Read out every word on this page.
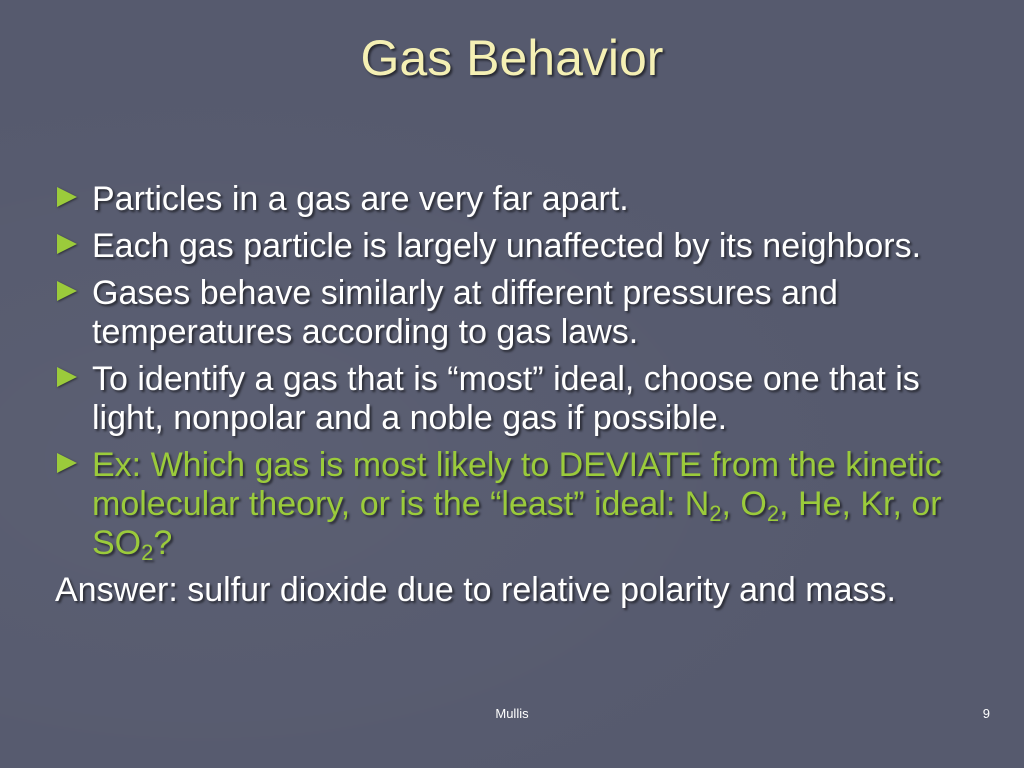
Gas Behavior
Particles in a gas are very far apart.
Each gas particle is largely unaffected by its neighbors.
Gases behave similarly at different pressures and temperatures according to gas laws.
To identify a gas that is “most” ideal, choose one that is light, nonpolar and a noble gas if possible.
Ex: Which gas is most likely to DEVIATE from the kinetic molecular theory, or is the “least” ideal: $N_2$, $O_2$, He, Kr, or $SO_2$?
Answer: sulfur dioxide due to relative polarity and mass.
Mullis	9
